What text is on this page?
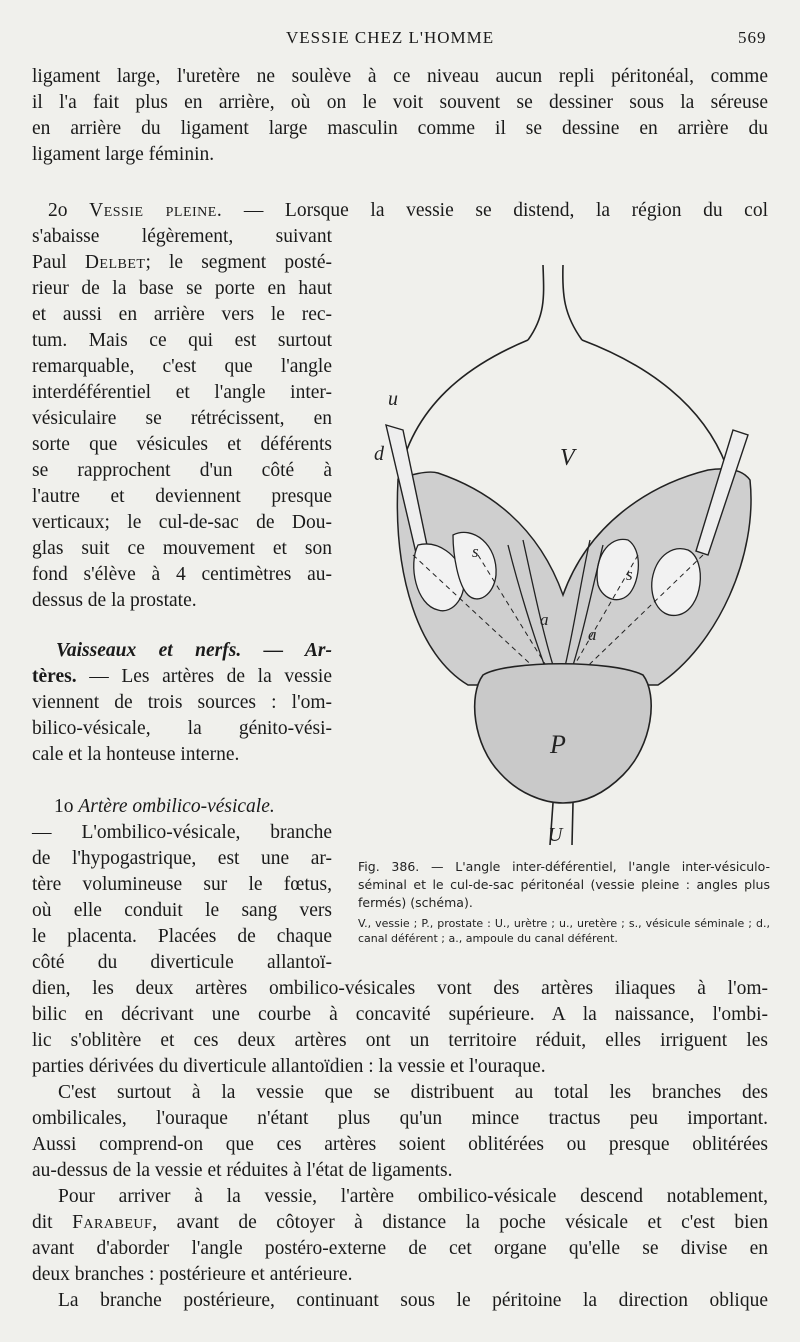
VESSIE CHEZ L'HOMME	569
ligament large, l'uretère ne soulève à ce niveau aucun repli péritonéal, comme
il l'a fait plus en arrière, où on le voit souvent se dessiner sous la séreuse
en arrière du ligament large masculin comme il se dessine en arrière du
ligament large féminin.
2o Vessie pleine. — Lorsque la vessie se distend, la région du col
s'abaisse légèrement, suivant
Paul Delbet; le segment posté-
rieur de la base se porte en haut
et aussi en arrière vers le rec-
tum. Mais ce qui est surtout
remarquable, c'est que l'angle
interdéférentiel et l'angle inter-
vésiculaire se rétrécissent, en
sorte que vésicules et déférents
se rapprochent d'un côté à
l'autre et deviennent presque
verticaux; le cul-de-sac de Dou-
glas suit ce mouvement et son
fond s'élève à 4 centimètres au-
dessus de la prostate.
Vaisseaux et nerfs. — Ar-
tères. — Les artères de la vessie
viennent de trois sources : l'om-
bilico-vésicale, la génito-vési-
cale et la honteuse interne.
1o Artère ombilico-vésicale.
— L'ombilico-vésicale, branche
de l'hypogastrique, est une ar-
tère volumineuse sur le fœtus,
où elle conduit le sang vers
le placenta. Placées de chaque
côté du diverticule allantoï-
dien, les deux artères ombilico-vésicales vont des artères iliaques à l'om-
bilic en décrivant une courbe à concavité supérieure. A la naissance, l'ombi-
lic s'oblitère et ces deux artères ont un territoire réduit, elles irriguent les
parties dérivées du diverticule allantoïdien : la vessie et l'ouraque.
C'est surtout à la vessie que se distribuent au total les branches des
ombilicales, l'ouraque n'étant plus qu'un mince tractus peu important.
Aussi comprend-on que ces artères soient oblitérées ou presque oblitérées
au-dessus de la vessie et réduites à l'état de ligaments.
Pour arriver à la vessie, l'artère ombilico-vésicale descend notablement,
dit Farabeuf, avant de côtoyer à distance la poche vésicale et c'est bien
avant d'aborder l'angle postéro-externe de cet organe qu'elle se divise en
deux branches : postérieure et antérieure.
La branche postérieure, continuant sous le péritoine la direction oblique
V
P
U
u
d
s
s
a
a
Fig. 386. — L'angle inter-déférentiel, l'angle inter-vésiculo-séminal et le cul-de-sac péritonéal (vessie pleine : angles plus fermés) (schéma).
V., vessie ; P., prostate : U., urètre ; u., uretère ; s., vésicule séminale ; d., canal déférent ; a., ampoule du canal déférent.
